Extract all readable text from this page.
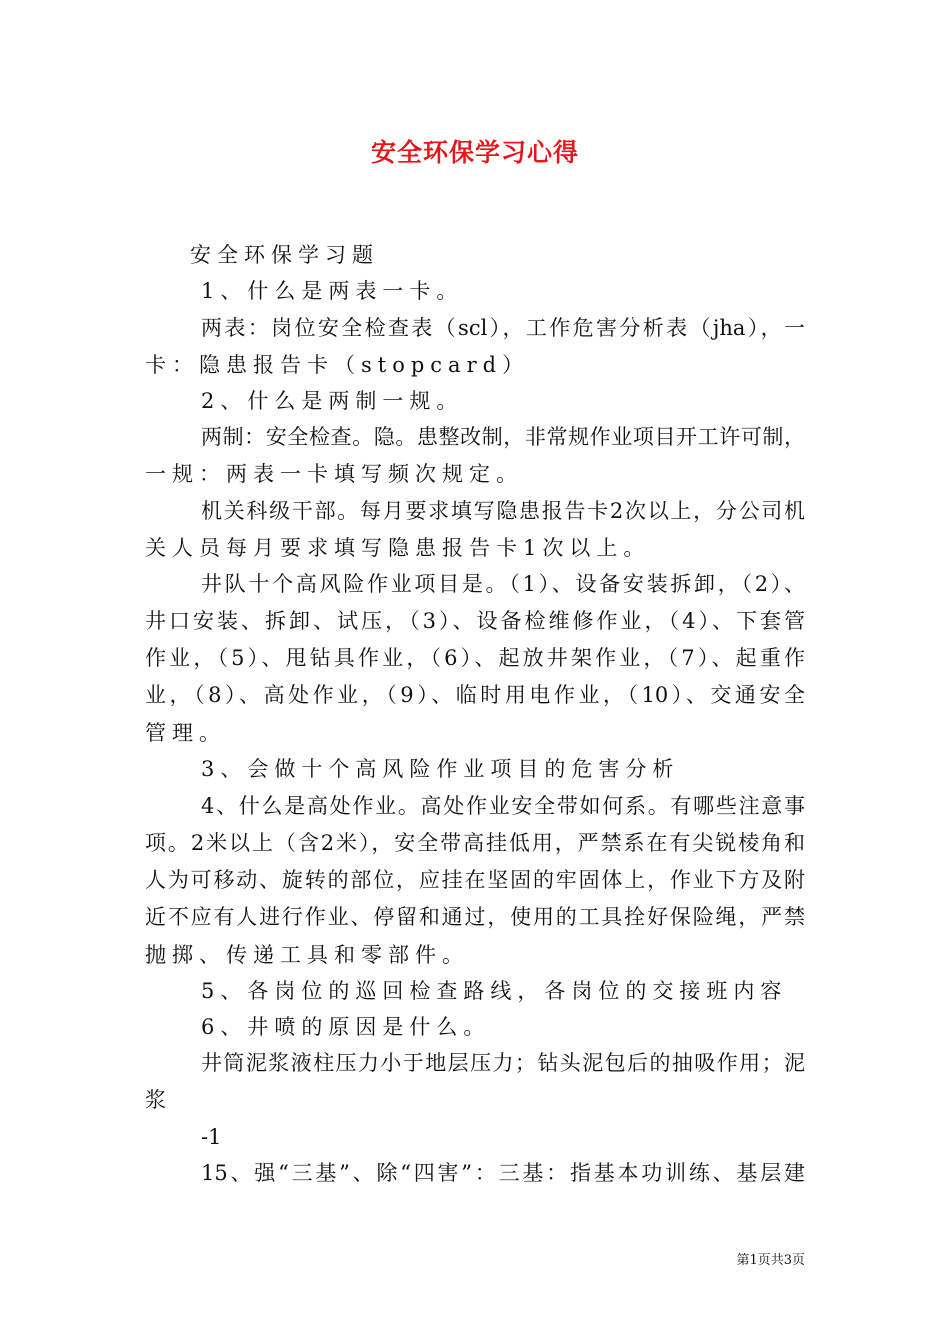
安全环保学习心得
安全环保学习题
1、什么是两表一卡。
两表：岗位安全检查表（scl），工作危害分析表（jha），一
卡：隐患报告卡（stopcard）
2、什么是两制一规。
两制：安全检查。隐。患整改制，非常规作业项目开工许可制，
一规：两表一卡填写频次规定。
机关科级干部。每月要求填写隐患报告卡2次以上，分公司机
关人员每月要求填写隐患报告卡1次以上。
井队十个高风险作业项目是。（1）、设备安装拆卸，（2）、
井口安装、拆卸、试压，（3）、设备检维修作业，（4）、下套管
作业，（5）、甩钻具作业，（6）、起放井架作业，（7）、起重作
业，（8）、高处作业，（9）、临时用电作业，（10）、交通安全
管理。
3、会做十个高风险作业项目的危害分析
4、什么是高处作业。高处作业安全带如何系。有哪些注意事
项。2米以上（含2米），安全带高挂低用，严禁系在有尖锐棱角和
人为可移动、旋转的部位，应挂在坚固的牢固体上，作业下方及附
近不应有人进行作业、停留和通过，使用的工具拴好保险绳，严禁
抛掷、传递工具和零部件。
5、各岗位的巡回检查路线，各岗位的交接班内容
6、井喷的原因是什么。
井筒泥浆液柱压力小于地层压力；钻头泥包后的抽吸作用；泥
浆
-1
15、强“三基”、除“四害”：三基：指基本功训练、基层建
第1页共3页
